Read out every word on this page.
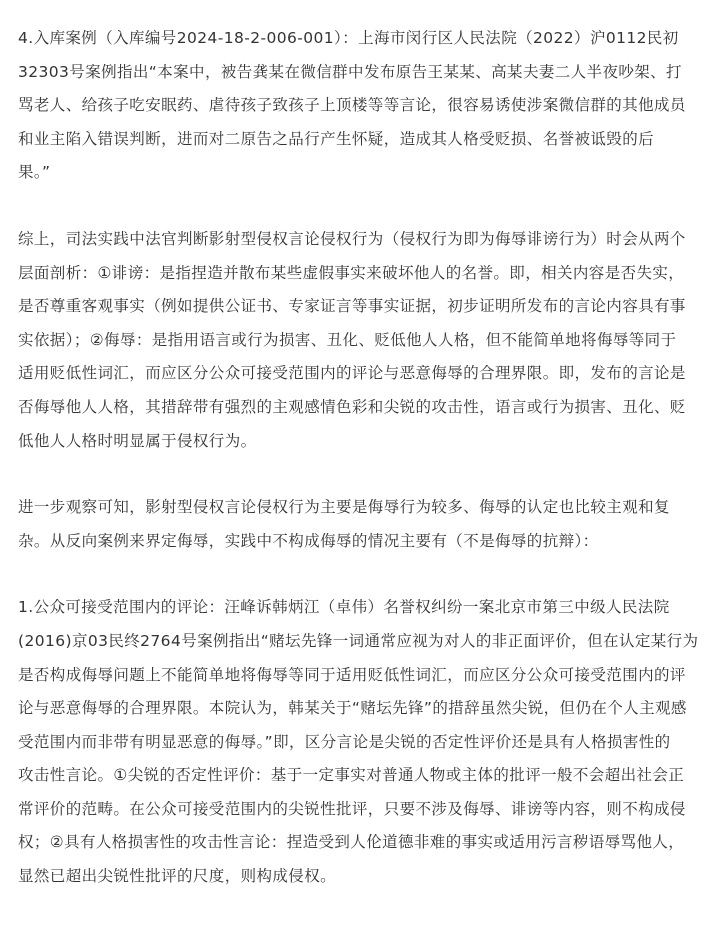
4.入库案例（入库编号2024-18-2-006-001）：上海市闵行区人民法院（2022）沪0112民初
32303号案例指出“本案中，被告龚某在微信群中发布原告王某某、高某夫妻二人半夜吵架、打
骂老人、给孩子吃安眠药、虐待孩子致孩子上顶楼等等言论，很容易诱使涉案微信群的其他成员
和业主陷入错误判断，进而对二原告之品行产生怀疑，造成其人格受贬损、名誉被诋毁的后
果。”

综上，司法实践中法官判断影射型侵权言论侵权行为（侵权行为即为侮辱诽谤行为）时会从两个
层面剖析：①诽谤：是指捏造并散布某些虚假事实来破坏他人的名誉。即，相关内容是否失实，
是否尊重客观事实（例如提供公证书、专家证言等事实证据，初步证明所发布的言论内容具有事
实依据）；②侮辱：是指用语言或行为损害、丑化、贬低他人人格，但不能简单地将侮辱等同于
适用贬低性词汇，而应区分公众可接受范围内的评论与恶意侮辱的合理界限。即，发布的言论是
否侮辱他人人格，其措辞带有强烈的主观感情色彩和尖锐的攻击性，语言或行为损害、丑化、贬
低他人人格时明显属于侵权行为。

进一步观察可知，影射型侵权言论侵权行为主要是侮辱行为较多、侮辱的认定也比较主观和复
杂。从反向案例来界定侮辱，实践中不构成侮辱的情况主要有（不是侮辱的抗辩）：

1.公众可接受范围内的评论：汪峰诉韩炳江（卓伟）名誉权纠纷一案北京市第三中级人民法院
(2016)京03民终2764号案例指出“赌坛先锋一词通常应视为对人的非正面评价，但在认定某行为
是否构成侮辱问题上不能简单地将侮辱等同于适用贬低性词汇，而应区分公众可接受范围内的评
论与恶意侮辱的合理界限。本院认为，韩某关于“赌坛先锋”的措辞虽然尖锐，但仍在个人主观感
受范围内而非带有明显恶意的侮辱。”即，区分言论是尖锐的否定性评价还是具有人格损害性的
攻击性言论。①尖锐的否定性评价：基于一定事实对普通人物或主体的批评一般不会超出社会正
常评价的范畴。在公众可接受范围内的尖锐性批评，只要不涉及侮辱、诽谤等内容，则不构成侵
权；②具有人格损害性的攻击性言论：捏造受到人伦道德非难的事实或适用污言秽语辱骂他人，
显然已超出尖锐性批评的尺度，则构成侵权。
